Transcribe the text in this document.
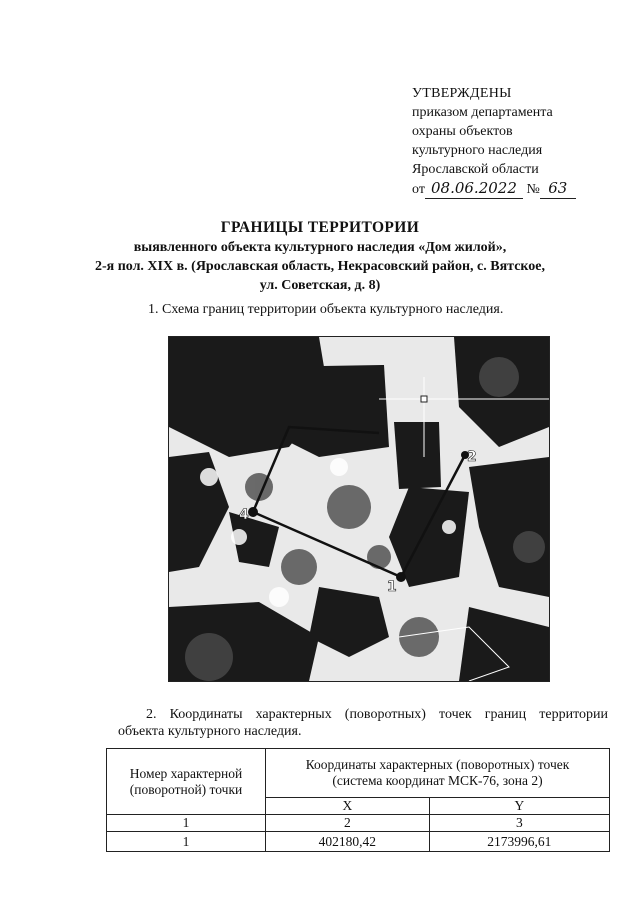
УТВЕРЖДЕНЫ
приказом департамента
охраны объектов
культурного наследия
Ярославской области
от 08.06.2022 № 63
ГРАНИЦЫ ТЕРРИТОРИИ
выявленного объекта культурного наследия «Дом жилой»,
2-я пол. XIX в. (Ярославская область, Некрасовский район, с. Вятское,
ул. Советская, д. 8)
1. Схема границ территории объекта культурного наследия.
1
2
4
2. Координаты характерных (поворотных) точек границ территории
объекта культурного наследия.
Номер характерной (поворотной) точки	Координаты характерных (поворотных) точек
(система координат МСК-76, зона 2)	

	X	Y
1	2	3
1	402180,42	2173996,61
